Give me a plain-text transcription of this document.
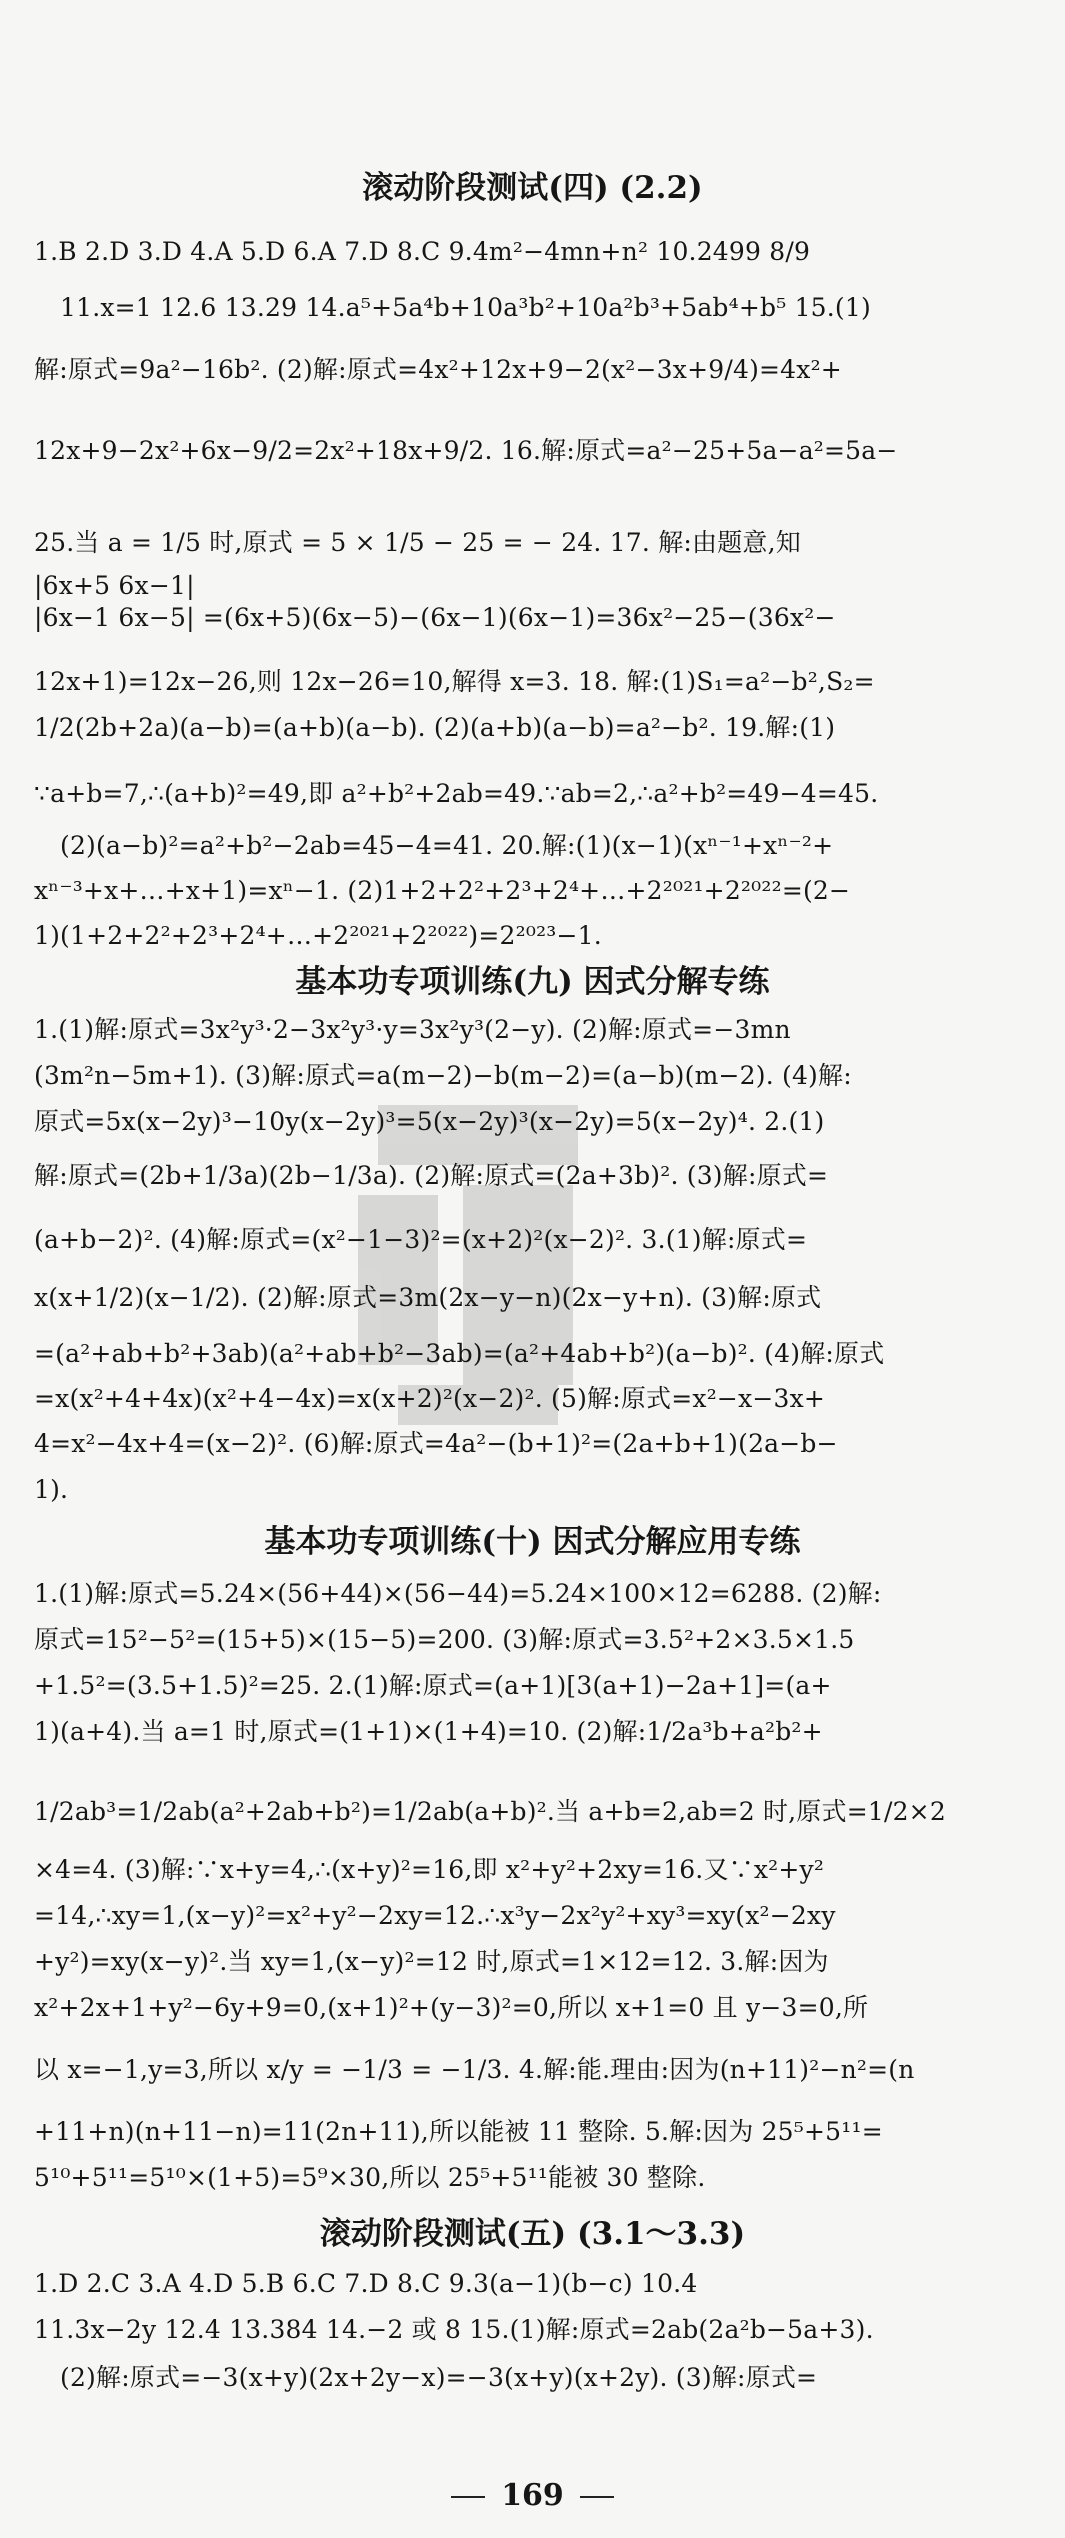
滚动阶段测试(四) (2.2)
1.B 2.D 3.D 4.A 5.D 6.A 7.D 8.C 9.4m²−4mn+n² 10.2499 8/9
11.x=1 12.6 13.29 14.a⁵+5a⁴b+10a³b²+10a²b³+5ab⁴+b⁵ 15.(1)
解:原式=9a²−16b². (2)解:原式=4x²+12x+9−2(x²−3x+9/4)=4x²+
12x+9−2x²+6x−9/2=2x²+18x+9/2. 16.解:原式=a²−25+5a−a²=5a−
25.当 a = 1/5 时,原式 = 5 × 1/5 − 25 = − 24. 17. 解:由题意,知
|6x+5 6x−1|
|6x−1 6x−5| =(6x+5)(6x−5)−(6x−1)(6x−1)=36x²−25−(36x²−
12x+1)=12x−26,则 12x−26=10,解得 x=3. 18. 解:(1)S₁=a²−b²,S₂=
1/2(2b+2a)(a−b)=(a+b)(a−b). (2)(a+b)(a−b)=a²−b². 19.解:(1)
∵a+b=7,∴(a+b)²=49,即 a²+b²+2ab=49.∵ab=2,∴a²+b²=49−4=45.
(2)(a−b)²=a²+b²−2ab=45−4=41. 20.解:(1)(x−1)(xⁿ⁻¹+xⁿ⁻²+
xⁿ⁻³+x+…+x+1)=xⁿ−1. (2)1+2+2²+2³+2⁴+…+2²⁰²¹+2²⁰²²=(2−
1)(1+2+2²+2³+2⁴+…+2²⁰²¹+2²⁰²²)=2²⁰²³−1.
基本功专项训练(九) 因式分解专练
1.(1)解:原式=3x²y³·2−3x²y³·y=3x²y³(2−y). (2)解:原式=−3mn
(3m²n−5m+1). (3)解:原式=a(m−2)−b(m−2)=(a−b)(m−2). (4)解:
原式=5x(x−2y)³−10y(x−2y)³=5(x−2y)³(x−2y)=5(x−2y)⁴. 2.(1)
解:原式=(2b+1/3a)(2b−1/3a). (2)解:原式=(2a+3b)². (3)解:原式=
(a+b−2)². (4)解:原式=(x²−1−3)²=(x+2)²(x−2)². 3.(1)解:原式=
x(x+1/2)(x−1/2). (2)解:原式=3m(2x−y−n)(2x−y+n). (3)解:原式
=(a²+ab+b²+3ab)(a²+ab+b²−3ab)=(a²+4ab+b²)(a−b)². (4)解:原式
=x(x²+4+4x)(x²+4−4x)=x(x+2)²(x−2)². (5)解:原式=x²−x−3x+
4=x²−4x+4=(x−2)². (6)解:原式=4a²−(b+1)²=(2a+b+1)(2a−b−
1).
基本功专项训练(十) 因式分解应用专练
1.(1)解:原式=5.24×(56+44)×(56−44)=5.24×100×12=6288. (2)解:
原式=15²−5²=(15+5)×(15−5)=200. (3)解:原式=3.5²+2×3.5×1.5
+1.5²=(3.5+1.5)²=25. 2.(1)解:原式=(a+1)[3(a+1)−2a+1]=(a+
1)(a+4).当 a=1 时,原式=(1+1)×(1+4)=10. (2)解:1/2a³b+a²b²+
1/2ab³=1/2ab(a²+2ab+b²)=1/2ab(a+b)².当 a+b=2,ab=2 时,原式=1/2×2
×4=4. (3)解:∵x+y=4,∴(x+y)²=16,即 x²+y²+2xy=16.又∵x²+y²
=14,∴xy=1,(x−y)²=x²+y²−2xy=12.∴x³y−2x²y²+xy³=xy(x²−2xy
+y²)=xy(x−y)².当 xy=1,(x−y)²=12 时,原式=1×12=12. 3.解:因为
x²+2x+1+y²−6y+9=0,(x+1)²+(y−3)²=0,所以 x+1=0 且 y−3=0,所
以 x=−1,y=3,所以 x/y = −1/3 = −1/3. 4.解:能.理由:因为(n+11)²−n²=(n
+11+n)(n+11−n)=11(2n+11),所以能被 11 整除. 5.解:因为 25⁵+5¹¹=
5¹⁰+5¹¹=5¹⁰×(1+5)=5⁹×30,所以 25⁵+5¹¹能被 30 整除.
滚动阶段测试(五) (3.1～3.3)
1.D 2.C 3.A 4.D 5.B 6.C 7.D 8.C 9.3(a−1)(b−c) 10.4
11.3x−2y 12.4 13.384 14.−2 或 8 15.(1)解:原式=2ab(2a²b−5a+3).
(2)解:原式=−3(x+y)(2x+2y−x)=−3(x+y)(x+2y). (3)解:原式=
169
